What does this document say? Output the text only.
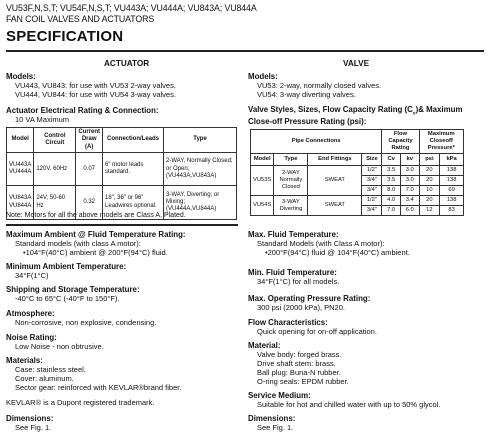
VU53F,N,S,T; VU54F,N,S,T; VU443A; VU444A; VU843A; VU844A
FAN COIL VALVES AND ACTUATORS
SPECIFICATION
ACTUATOR	VALVE
Models:
VU443, VU843: for use with VU53 2-way valves.
VU444, VU844: for use with VU54 3-way valves.
Actuator Electrical Rating & Connection:
10 VA Maximum
Model	Control Circuit	Current Draw (A)	Connection/Leads	Type
VU443A VU444A	120V, 60Hz	0.07	6" motor leads standard.	2-WAY, Normally Closed; or Open; (VU443A,VU843A)
VU843A VU844A	24V, 50-60 Hz	0.32	18", 36" or 96" Leadwires optional.	3-WAY, Diverting; or Mixing; (VU444A,VU844A)
Note: Motors for all the above models are Class A, Plated.
Maximum Ambient @ Fluid Temperature Rating:
Standard models (with class A motor):
•104°F(40°C) ambient @ 200°F(94°C) fluid.
Minimum Ambient Temperature:
34°F(1°C)
Shipping and Storage Temperature:
-40°C to 65°C (-40°F to 150°F).
Atmosphere:
Non-corrosive, non explosive, condensing.
Noise Rating:
Low Noise - non obtrusive.
Materials:
Case: stainless steel.
Cover: aluminum.
Sector gear: reinforced with KEVLAR®brand fiber.
KEVLAR® is a Dupont registered trademark.
Dimensions:
See Fig. 1.
Models:
VU53: 2-way, normally closed valves.
VU54: 3-way diverting valves.
Valve Styles, Sizes, Flow Capacity Rating $(C_v)\&$ Maximum
Close-off Pressure Rating (psi):
Pipe Connections				Flow Capacity Rating		Maximum Closeoff Pressure*	
Model	Type	End Fittings	Size	Cv	kv	psi	kPa
VU53S	2-WAY Normally Closed	SWEAT	1/2"	3.5	3.0	20	138
			3/4"	3.5	3.0	20	138
			3/4"	8.0	7.0	10	69
VU54S	3-WAY Diverting	SWEAT	1/2"	4.0	3.4	20	138
			3/4"	7.0	6.0	12	83
Max. Fluid Temperature:
Standard Models (with Class A motor):
•200°F(94°C) fluid @ 104°F(40°C) ambient.
Min. Fluid Temperature:
34°F(1°C) for all models.
Max. Operating Pressure Rating:
300 psi (2000 kPa), PN20.
Flow Characteristics:
Quick opening for on-off application.
Material:
Valve body: forged brass.
Drive shaft stem: brass.
Ball plug: Buna-N rubber.
O-ring seals: EPDM rubber.
Service Medium:
Suitable for hot and chilled water with up to 50% glycol.
Dimensions:
See Fig. 1.
